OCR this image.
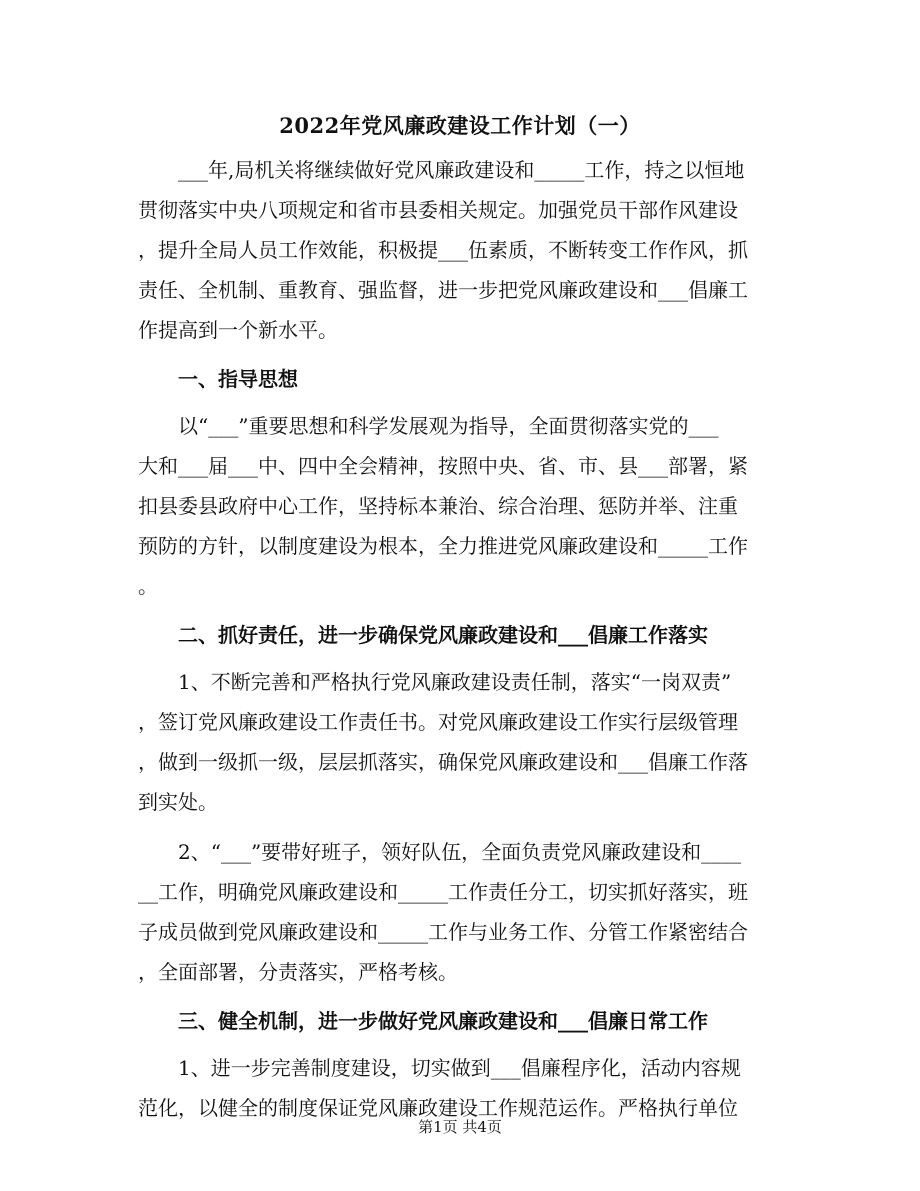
2022年党风廉政建设工作计划（一）

　　___年,局机关将继续做好党风廉政建设和_____工作，持之以恒地

贯彻落实中央八项规定和省市县委相关规定。加强党员干部作风建设

，提升全局人员工作效能，积极提___伍素质，不断转变工作作风，抓

责任、全机制、重教育、强监督，进一步把党风廉政建设和___倡廉工

作提高到一个新水平。

一、指导思想

　　以“___”重要思想和科学发展观为指导，全面贯彻落实党的___

大和___届___中、四中全会精神，按照中央、省、市、县___部署，紧

扣县委县政府中心工作，坚持标本兼治、综合治理、惩防并举、注重

预防的方针，以制度建设为根本，全力推进党风廉政建设和_____工作

。

二、抓好责任，进一步确保党风廉政建设和___倡廉工作落实

　　1、不断完善和严格执行党风廉政建设责任制，落实“一岗双责”

，签订党风廉政建设工作责任书。对党风廉政建设工作实行层级管理

，做到一级抓一级，层层抓落实，确保党风廉政建设和___倡廉工作落

到实处。

　　2、“___”要带好班子，领好队伍，全面负责党风廉政建设和____

__工作，明确党风廉政建设和_____工作责任分工，切实抓好落实，班

子成员做到党风廉政建设和_____工作与业务工作、分管工作紧密结合

，全面部署，分责落实，严格考核。

三、健全机制，进一步做好党风廉政建设和___倡廉日常工作

　　1、进一步完善制度建设，切实做到___倡廉程序化，活动内容规

范化，以健全的制度保证党风廉政建设工作规范运作。严格执行单位

第1页 共4页
